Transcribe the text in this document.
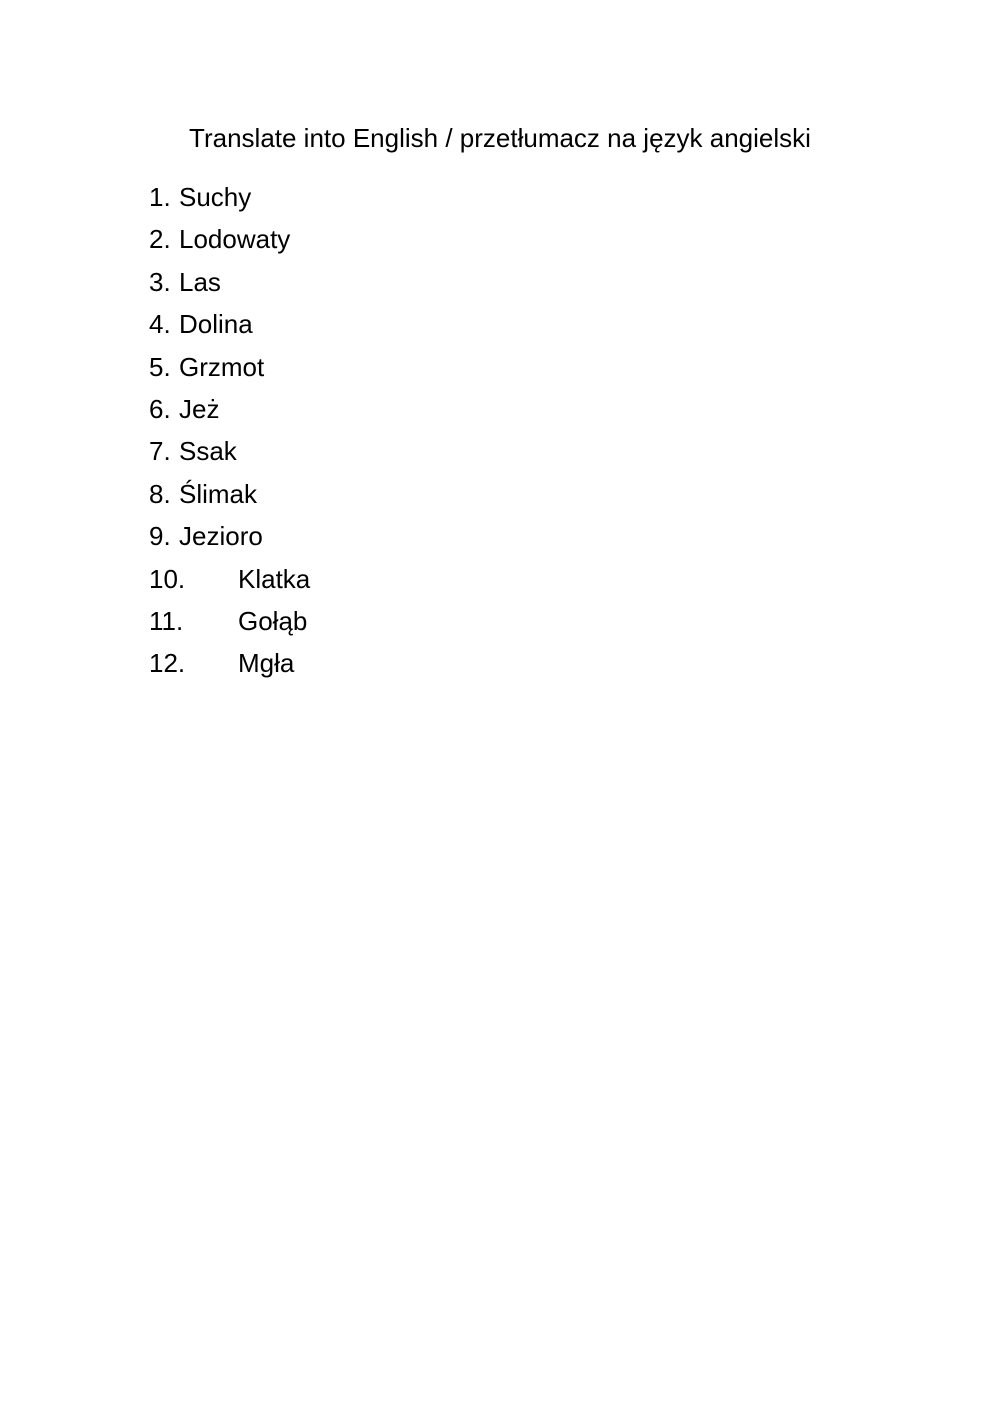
Translate into English / przetłumacz na język angielski
1. Suchy
2. Lodowaty
3. Las
4. Dolina
5. Grzmot
6. Jeż
7. Ssak
8. Ślimak
9. Jezioro
10.	Klatka
11.	Gołąb
12.	Mgła
